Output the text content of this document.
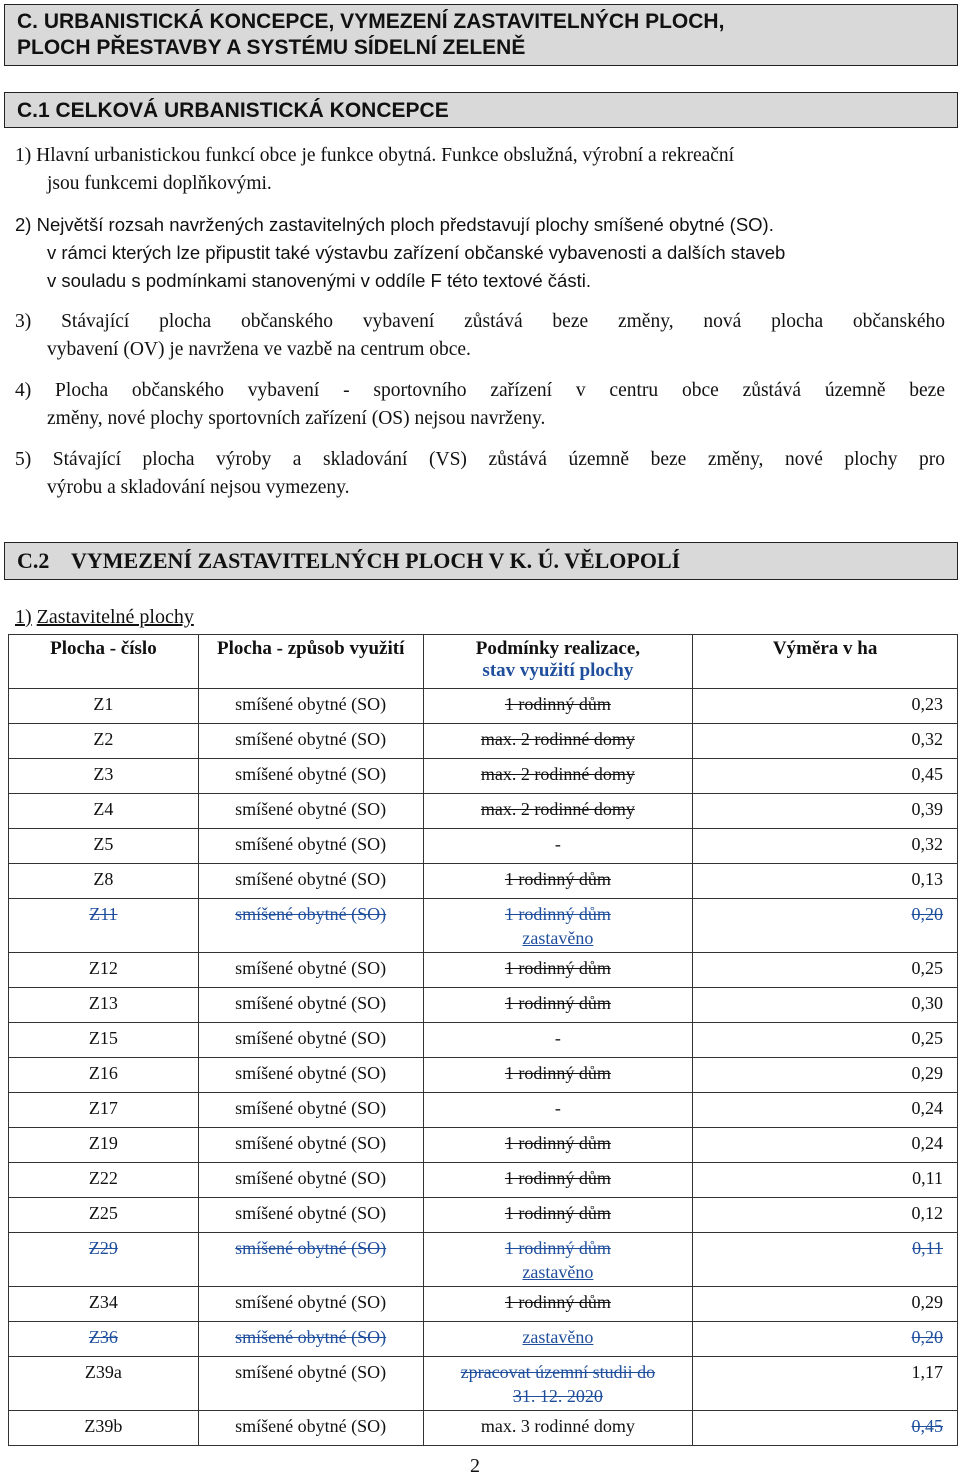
C. URBANISTICKÁ KONCEPCE, VYMEZENÍ ZASTAVITELNÝCH PLOCH,
PLOCH PŘESTAVBY A SYSTÉMU SÍDELNÍ ZELENĚ
C.1 CELKOVÁ URBANISTICKÁ KONCEPCE
1) Hlavní urbanistickou funkcí obce je funkce obytná. Funkce obslužná, výrobní a rekreační
jsou funkcemi doplňkovými.
2) Největší rozsah navržených zastavitelných ploch představují plochy smíšené obytné (SO).
v rámci kterých lze připustit také výstavbu zařízení občanské vybavenosti a dalších staveb
v souladu s podmínkami stanovenými v oddíle F této textové části.
3) Stávající plocha občanského vybavení zůstává beze změny, nová plocha občanského
vybavení (OV) je navržena ve vazbě na centrum obce.
4) Plocha občanského vybavení - sportovního zařízení v centru obce zůstává územně beze
změny, nové plochy sportovních zařízení (OS) nejsou navrženy.
5) Stávající plocha výroby a skladování (VS) zůstává územně beze změny, nové plochy pro
výrobu a skladování nejsou vymezeny.
C.2 VYMEZENÍ ZASTAVITELNÝCH PLOCH V K. Ú. VĚLOPOLÍ
1) Zastavitelné plochy
Plocha - číslo	Plocha - způsob využití	Podmínky realizace,
stav využití plochy	Výměra v ha
Z1	smíšené obytné (SO)	1 rodinný dům	0,23
Z2	smíšené obytné (SO)	max. 2 rodinné domy	0,32
Z3	smíšené obytné (SO)	max. 2 rodinné domy	0,45
Z4	smíšené obytné (SO)	max. 2 rodinné domy	0,39
Z5	smíšené obytné (SO)	-	0,32
Z8	smíšené obytné (SO)	1 rodinný dům	0,13
Z11	smíšené obytné (SO)	1 rodinný dům
zastavěno	0,20
Z12	smíšené obytné (SO)	1 rodinný dům	0,25
Z13	smíšené obytné (SO)	1 rodinný dům	0,30
Z15	smíšené obytné (SO)	-	0,25
Z16	smíšené obytné (SO)	1 rodinný dům	0,29
Z17	smíšené obytné (SO)	-	0,24
Z19	smíšené obytné (SO)	1 rodinný dům	0,24
Z22	smíšené obytné (SO)	1 rodinný dům	0,11
Z25	smíšené obytné (SO)	1 rodinný dům	0,12
Z29	smíšené obytné (SO)	1 rodinný dům
zastavěno	0,11
Z34	smíšené obytné (SO)	1 rodinný dům	0,29
Z36	smíšené obytné (SO)	zastavěno	0,20
Z39a	smíšené obytné (SO)	zpracovat územní studii do
31. 12. 2020	1,17
Z39b	smíšené obytné (SO)	max. 3 rodinné domy	0,45
2
